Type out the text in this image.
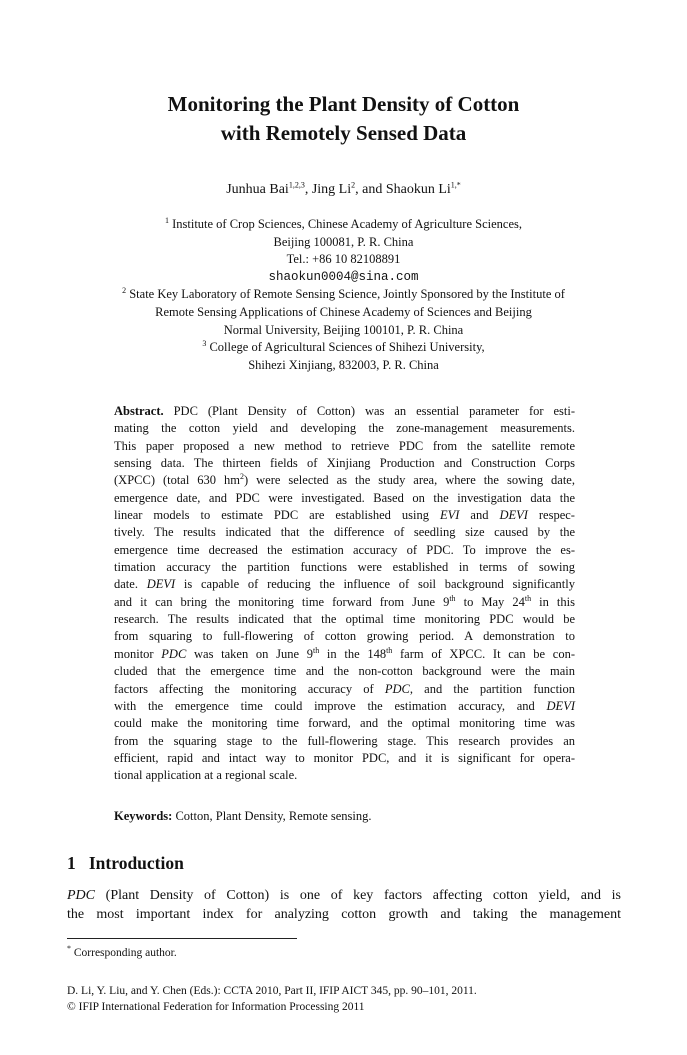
Monitoring the Plant Density of Cotton
with Remotely Sensed Data
Junhua Bai$^{1,2,3}$, Jing Li$^2$, and Shaokun $Li^{1,*}$
$^1$ Institute of Crop Sciences, Chinese Academy of Agriculture Sciences,
Beijing 100081, P. R. China
Tel.: +86 10 82108891
shaokun0004@sina.com
$^2$ State Key Laboratory of Remote Sensing Science, Jointly Sponsored by the Institute of
Remote Sensing Applications of Chinese Academy of Sciences and Beijing
Normal University, Beijing 100101, P. R. China
$^3$ College of Agricultural Sciences of Shihezi University,
Shihezi Xinjiang, 832003, P. R. China
Abstract. PDC (Plant Density of Cotton) was an essential parameter for esti-
mating the cotton yield and developing the zone-management measurements.
This paper proposed a new method to retrieve PDC from the satellite remote
sensing data. The thirteen fields of Xinjiang Production and Construction Corps
(XPCC) (total 630 $hm^2$) were selected as the study area, where the sowing date,
emergence date, and PDC were investigated. Based on the investigation data the
linear models to estimate PDC are established using EVI and DEVI respec-
tively. The results indicated that the difference of seedling size caused by the
emergence time decreased the estimation accuracy of PDC. To improve the es-
timation accuracy the partition functions were established in terms of sowing
date. DEVI is capable of reducing the influence of soil background significantly
and it can bring the monitoring time forward from June 9th to May 24th in this
research. The results indicated that the optimal time monitoring PDC would be
from squaring to full-flowering of cotton growing period. A demonstration to
monitor PDC was taken on June 9th in the 148th farm of XPCC. It can be con-
cluded that the emergence time and the non-cotton background were the main
factors affecting the monitoring accuracy of PDC, and the partition function
with the emergence time could improve the estimation accuracy, and DEVI
could make the monitoring time forward, and the optimal monitoring time was
from the squaring stage to the full-flowering stage. This research provides an
efficient, rapid and intact way to monitor PDC, and it is significant for opera-
tional application at a regional scale.
Keywords: Cotton, Plant Density, Remote sensing.
1 Introduction
PDC (Plant Density of Cotton) is one of key factors affecting cotton yield, and is
the most important index for analyzing cotton growth and taking the management
* Corresponding author.
D. Li, Y. Liu, and Y. Chen (Eds.): CCTA 2010, Part II, IFIP AICT 345, pp. 90–101, 2011.
© IFIP International Federation for Information Processing 2011
